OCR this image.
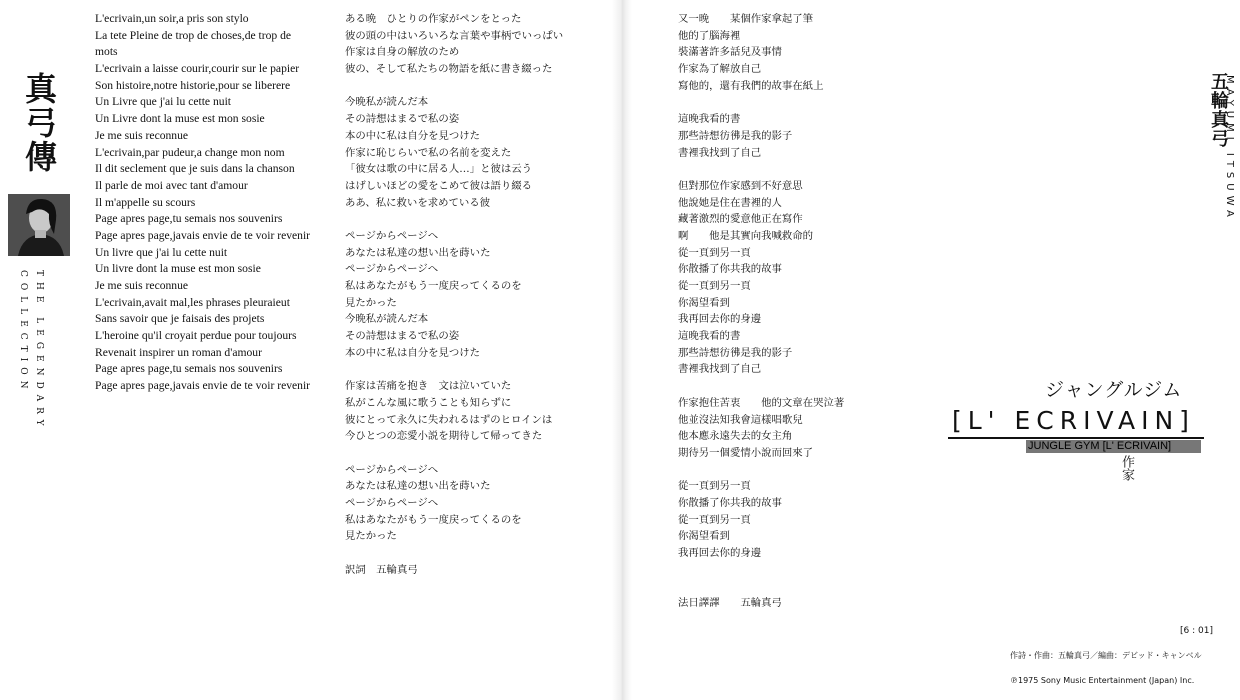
真弓傳
THE LEGENDARY COLLECTION
L'ecrivain,un soir,a pris son stylo
La tete Pleine de trop de choses,de trop de
mots
L'ecrivain a laisse courir,courir sur le papier
Son histoire,notre historie,pour se liberere
Un Livre que j'ai lu cette nuit
Un Livre dont la muse est mon sosie
Je me suis reconnue
L'ecrivain,par pudeur,a change mon nom
Il dit seclement que je suis dans la chanson
Il parle de moi avec tant d'amour
Il m'appelle su scours
Page apres page,tu semais nos souvenirs
Page apres page,javais envie de te voir revenir
Un livre que j'ai lu cette nuit
Un livre dont la muse est mon sosie
Je me suis reconnue
L'ecrivain,avait mal,les phrases pleuraieut
Sans savoir que je faisais des projets
L'heroine qu'il croyait perdue pour toujours
Revenait inspirer un roman d'amour
Page apres page,tu semais nos souvenirs
Page apres page,javais envie de te voir revenir
ある晩　ひとりの作家がペンをとった
彼の頭の中はいろいろな言葉や事柄でいっぱい
作家は自身の解放のため
彼の、そして私たちの物語を紙に書き綴った
今晩私が読んだ本
その詩想はまるで私の姿
本の中に私は自分を見つけた
作家に恥じらいで私の名前を変えた
「彼女は歌の中に居る人…」と彼は云う
はげしいほどの愛をこめて彼は語り綴る
ああ、私に救いを求めている彼
ページからページへ
あなたは私達の想い出を蒔いた
ページからページへ
私はあなたがもう一度戻ってくるのを
見たかった
今晩私が読んだ本
その詩想はまるで私の姿
本の中に私は自分を見つけた
作家は苦痛を抱き　文は泣いていた
私がこんな風に歌うことも知らずに
彼にとって永久に失われるはずのヒロインは
今ひとつの恋愛小説を期待して帰ってきた
ページからページへ
あなたは私達の想い出を蒔いた
ページからページへ
私はあなたがもう一度戻ってくるのを
見たかった
訳詞　五輪真弓
又一晚　　某個作家拿起了筆
他的了腦海裡
裝滿著許多話兒及事情
作家為了解放自己
寫他的，還有我們的故事在紙上
這晚我看的書
那些詩想彷彿是我的影子
書裡我找到了自己
但對那位作家感到不好意思
他說她是住在書裡的人
藏著激烈的愛意他正在寫作
啊　　他是其實向我喊救命的
從一頁到另一頁
你散播了你共我的故事
從一頁到另一頁
你渴望看到
我再回去你的身邊
這晚我看的書
那些詩想彷彿是我的影子
書裡我找到了自己
作家抱住苦衷　　他的文章在哭泣著
他並沒法知我會這樣唱歌兒
他本應永遠失去的女主角
期待另一個愛情小說而回來了
從一頁到另一頁
你散播了你共我的故事
從一頁到另一頁
你渴望看到
我再回去你的身邊
法日譯譯　　五輪真弓
五輪真弓
MAYUMI ITSUWA
ジャングルジム
[L' ECRIVAIN]
JUNGLE GYM [L' ECRIVAIN]
作家
[6 : 01]
作詩・作曲：五輪真弓／編曲：デビッド・キャンベル
℗1975 Sony Music Entertainment (Japan) Inc.
